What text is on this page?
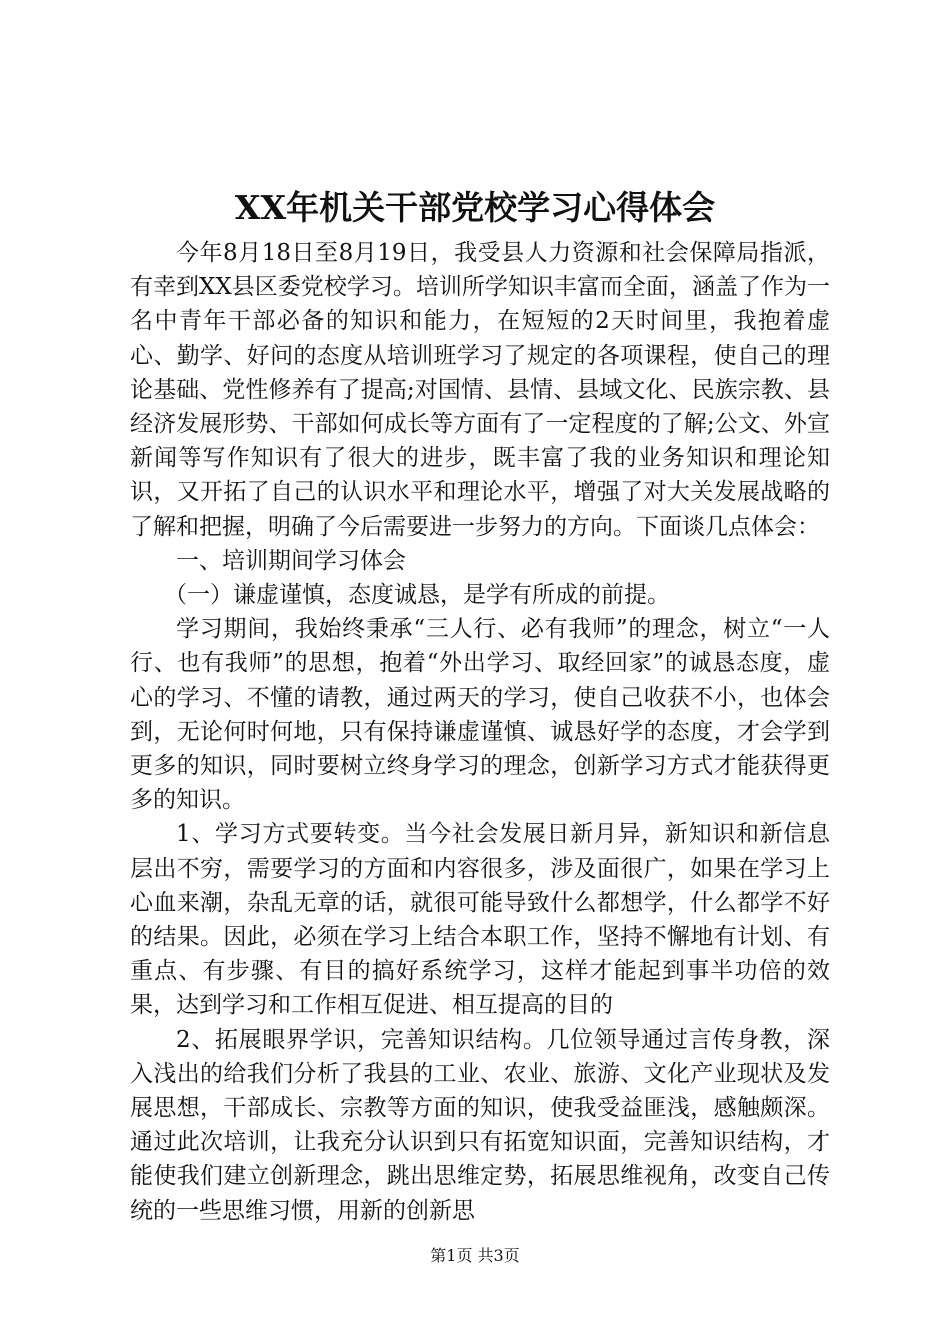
XX年机关干部党校学习心得体会

今年8月18日至8月19日，我受县人力资源和社会保障局指派，有幸到XX县区委党校学习。培训所学知识丰富而全面，涵盖了作为一名中青年干部必备的知识和能力，在短短的2天时间里，我抱着虚心、勤学、好问的态度从培训班学习了规定的各项课程，使自己的理论基础、党性修养有了提高;对国情、县情、县域文化、民族宗教、县经济发展形势、干部如何成长等方面有了一定程度的了解;公文、外宣新闻等写作知识有了很大的进步，既丰富了我的业务知识和理论知识，又开拓了自己的认识水平和理论水平，增强了对大关发展战略的了解和把握，明确了今后需要进一步努力的方向。下面谈几点体会：

一、培训期间学习体会

（一）谦虚谨慎，态度诚恳，是学有所成的前提。

学习期间，我始终秉承“三人行、必有我师”的理念，树立“一人行、也有我师”的思想，抱着“外出学习、取经回家”的诚恳态度，虚心的学习、不懂的请教，通过两天的学习，使自己收获不小，也体会到，无论何时何地，只有保持谦虚谨慎、诚恳好学的态度，才会学到更多的知识，同时要树立终身学习的理念，创新学习方式才能获得更多的知识。

1、学习方式要转变。当今社会发展日新月异，新知识和新信息层出不穷，需要学习的方面和内容很多，涉及面很广，如果在学习上心血来潮，杂乱无章的话，就很可能导致什么都想学，什么都学不好的结果。因此，必须在学习上结合本职工作，坚持不懈地有计划、有重点、有步骤、有目的搞好系统学习，这样才能起到事半功倍的效果，达到学习和工作相互促进、相互提高的目的

2、拓展眼界学识，完善知识结构。几位领导通过言传身教，深入浅出的给我们分析了我县的工业、农业、旅游、文化产业现状及发展思想，干部成长、宗教等方面的知识，使我受益匪浅，感触颇深。通过此次培训，让我充分认识到只有拓宽知识面，完善知识结构，才能使我们建立创新理念，跳出思维定势，拓展思维视角，改变自己传统的一些思维习惯，用新的创新思

第1页 共3页
